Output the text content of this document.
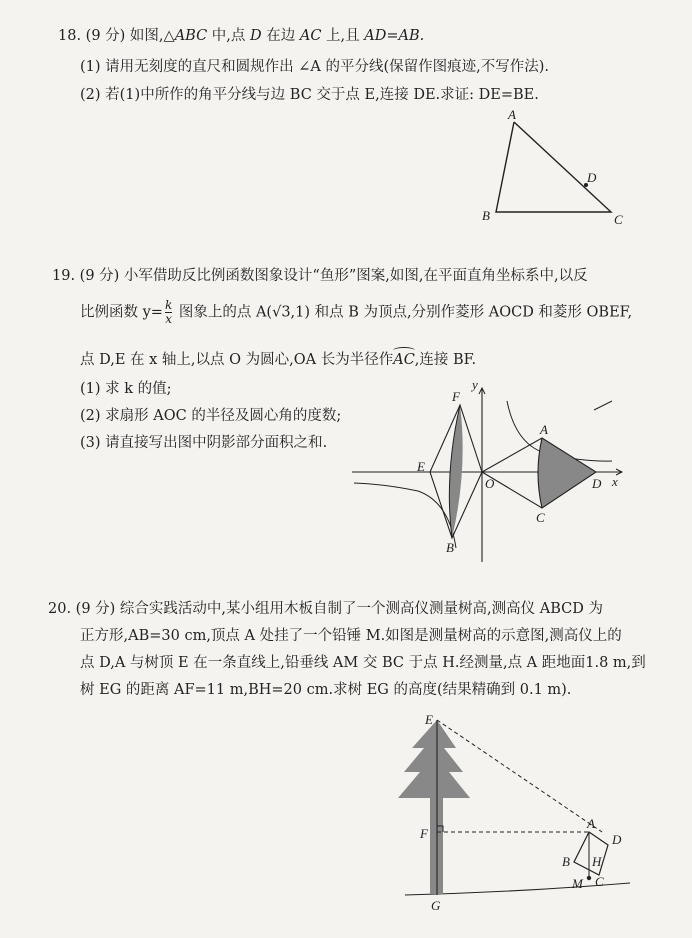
18. (9 分) 如图,△ABC 中,点 D 在边 AC 上,且 AD=AB.
(1) 请用无刻度的直尺和圆规作出 ∠A 的平分线(保留作图痕迹,不写作法).
(2) 若(1)中所作的角平分线与边 BC 交于点 E,连接 DE.求证: DE=BE.
A
B	C
D
19. (9 分) 小军借助反比例函数图象设计“鱼形”图案,如图,在平面直角坐标系中,以反
比例函数 $y= \frac{k}{x}$ 图象上的点 A(√3,1) 和点 B 为顶点,分别作菱形 AOCD 和菱形 OBEF,
点 D,E 在 x 轴上,以点 O 为圆心,OA 长为半径作AC,连接 BF.
(1) 求 k 的值;
(2) 求扇形 AOC 的半径及圆心角的度数;
(3) 请直接写出图中阴影部分面积之和.
F
E
O
A
C
D
B
x
y
20. (9 分) 综合实践活动中,某小组用木板自制了一个测高仪测量树高,测高仪 ABCD 为
正方形,AB=30 cm,顶点 A 处挂了一个铅锤 M.如图是测量树高的示意图,测高仪上的
点 D,A 与树顶 E 在一条直线上,铅垂线 AM 交 BC 于点 H.经测量,点 A 距地面1.8 m,到
树 EG 的距离 AF=11 m,BH=20 cm.求树 EG 的高度(结果精确到 0.1 m).
E
F
G
A
D
B H
M C
